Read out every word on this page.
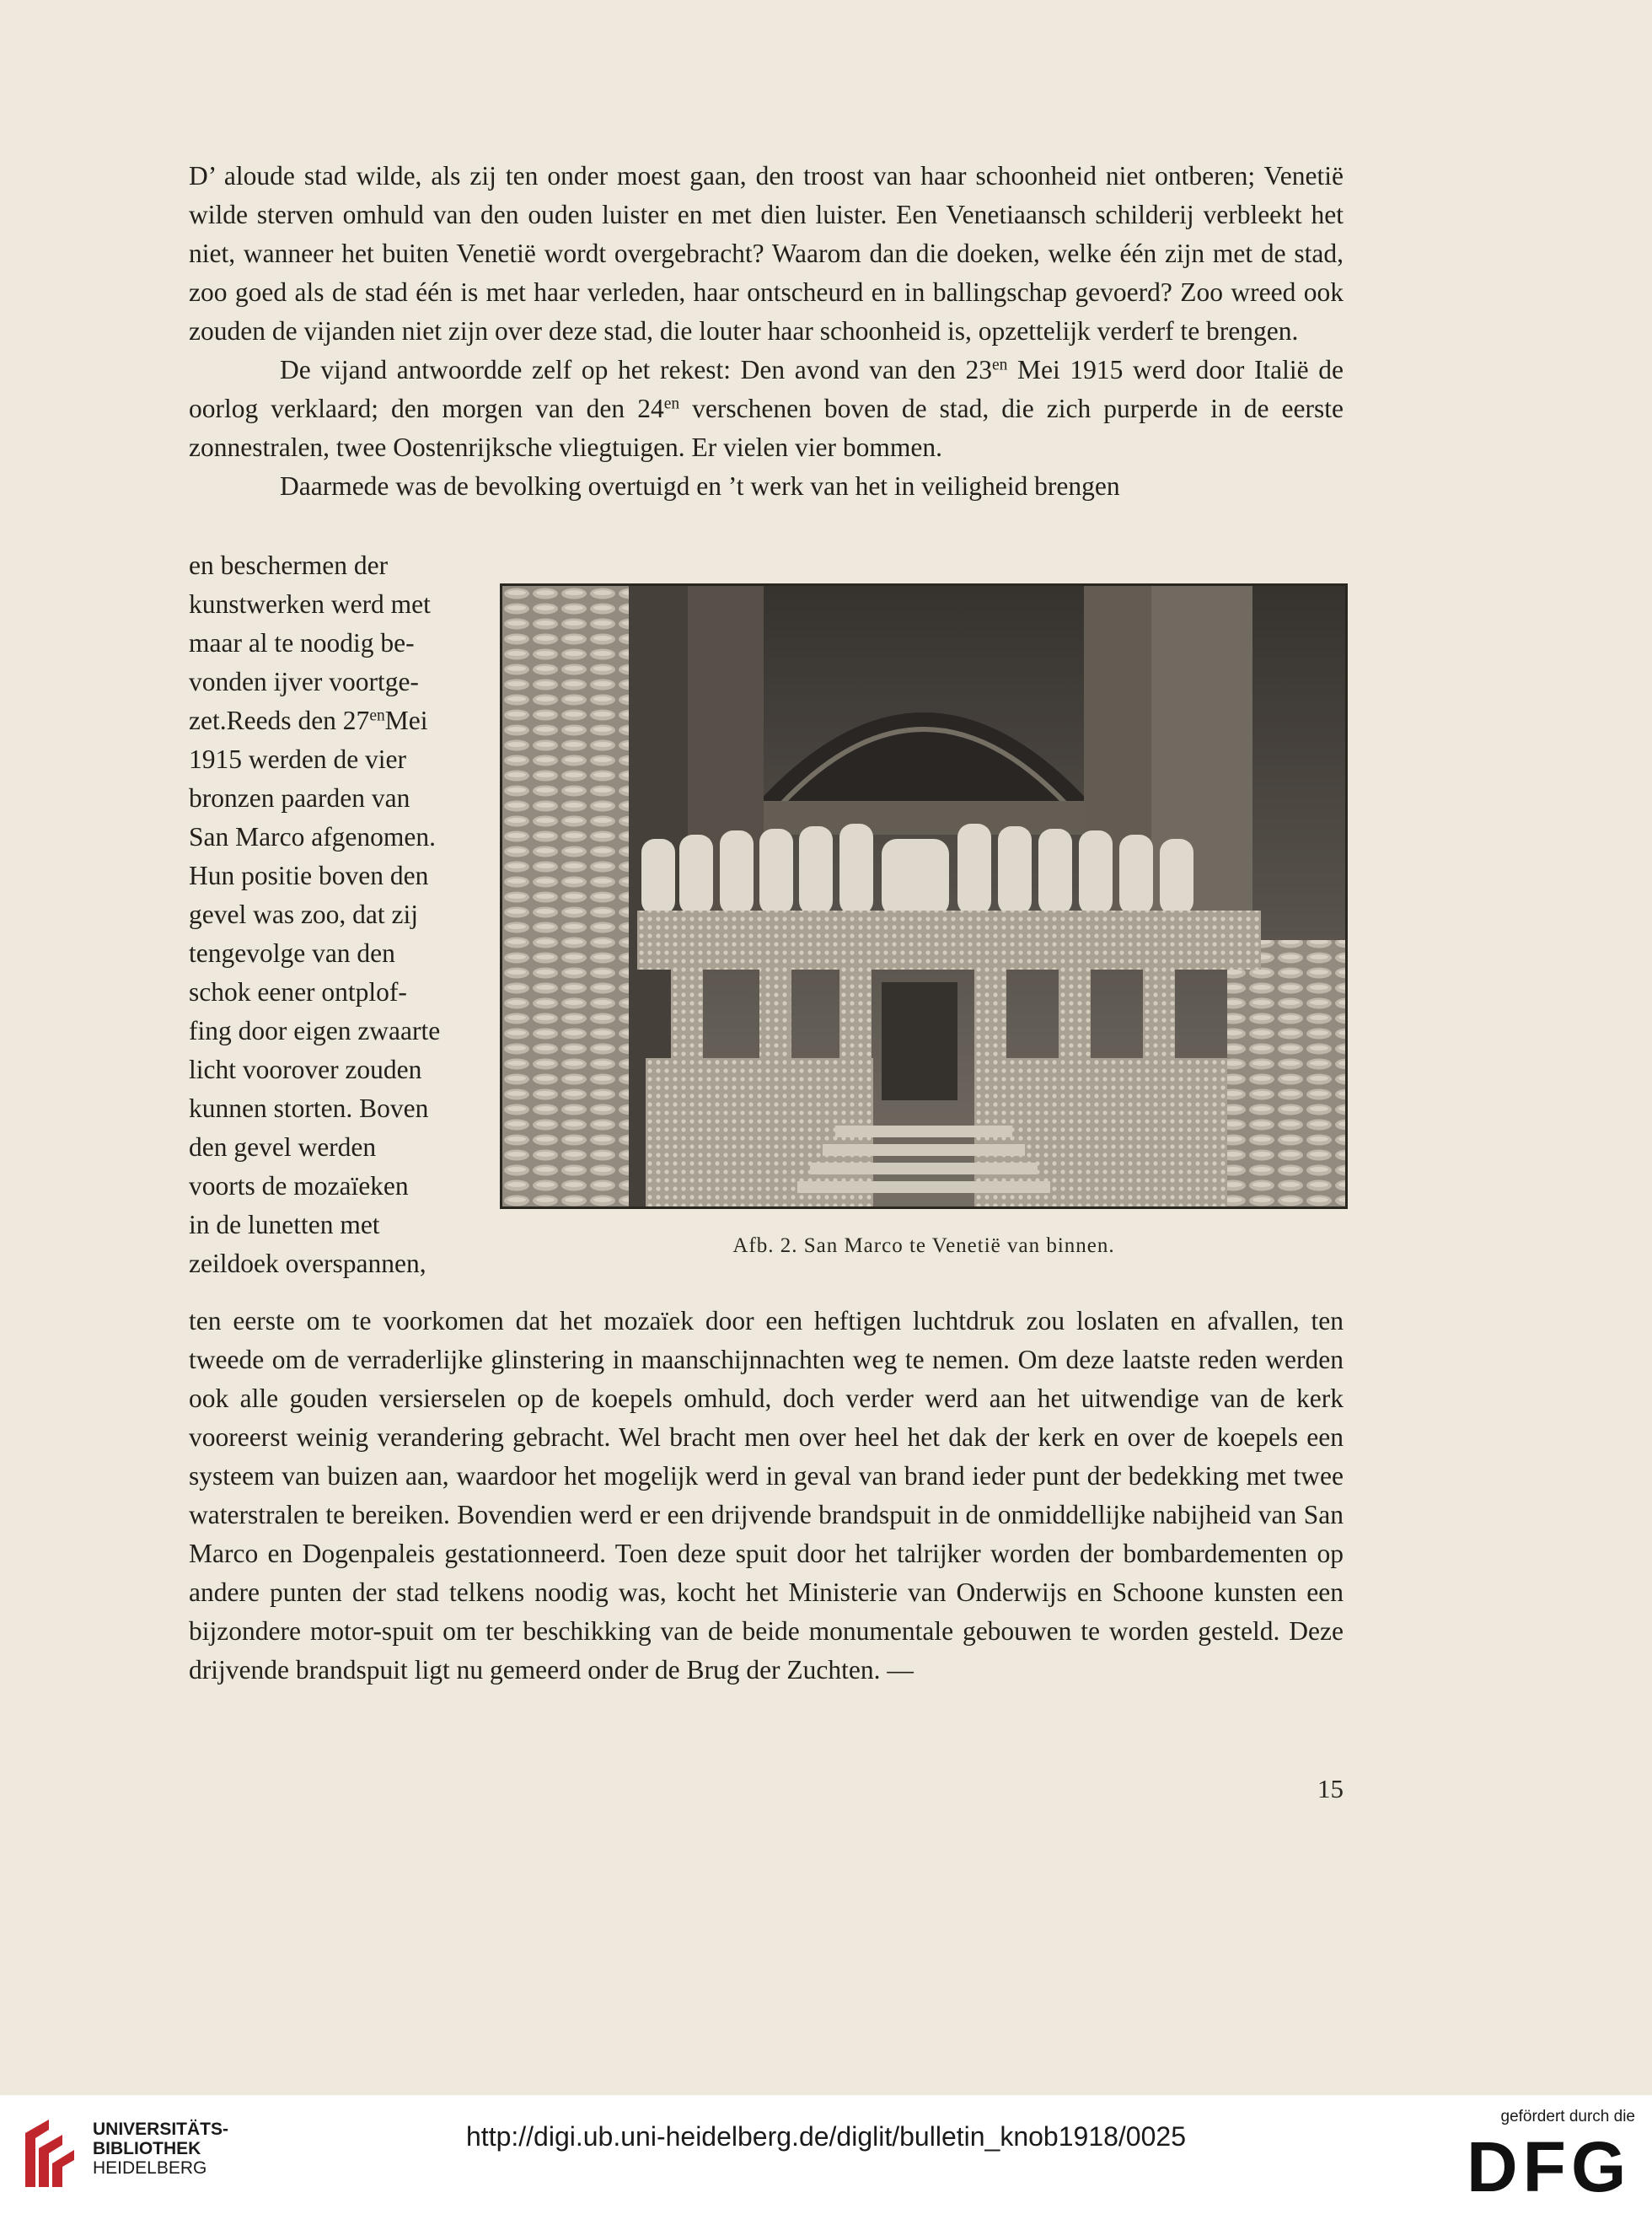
D’ aloude stad wilde, als zij ten onder moest gaan, den troost van haar schoonheid niet ontberen; Venetië wilde sterven omhuld van den ouden luister en met dien luister. Een Venetiaansch schilderij verbleekt het niet, wanneer het buiten Venetië wordt overgebracht? Waarom dan die doeken, welke één zijn met de stad, zoo goed als de stad één is met haar verleden, haar ontscheurd en in ballingschap gevoerd? Zoo wreed ook zouden de vijanden niet zijn over deze stad, die louter haar schoonheid is, opzettelijk verderf te brengen.

De vijand antwoordde zelf op het rekest: Den avond van den $23^{en}$ Mei 1915 werd door Italië de oorlog verklaard; den morgen van den $24^{en}$ verschenen boven de stad, die zich purperde in de eerste zonnestralen, twee Oostenrijksche vliegtuigen. Er vielen vier bommen.

Daarmede was de bevolking overtuigd en ’t werk van het in veiligheid brengen

en beschermen der
kunstwerken werd met
maar al te noodig be-
vonden ijver voortge-
zet.Reeds den $27^{en}Mei$
1915 werden de vier
bronzen paarden van
San Marco afgenomen.
Hun positie boven den
gevel was zoo, dat zij
tengevolge van den
schok eener ontplof-
fing door eigen zwaarte
licht voorover zouden
kunnen storten. Boven
den gevel werden
voorts de mozaïeken
in de lunetten met
zeildoek overspannen,
Afb. 2. San Marco te Venetië van binnen.

ten eerste om te voorkomen dat het mozaïek door een heftigen luchtdruk zou loslaten en afvallen, ten tweede om de verraderlijke glinstering in maanschijnnachten weg te nemen. Om deze laatste reden werden ook alle gouden versierselen op de koepels omhuld, doch verder werd aan het uitwendige van de kerk vooreerst weinig verandering gebracht. Wel bracht men over heel het dak der kerk en over de koepels een systeem van buizen aan, waardoor het mogelijk werd in geval van brand ieder punt der bedekking met twee waterstralen te bereiken. Bovendien werd er een drijvende brandspuit in de onmiddellijke nabijheid van San Marco en Dogenpaleis gestationneerd. Toen deze spuit door het talrijker worden der bombardementen op andere punten der stad telkens noodig was, kocht het Ministerie van Onderwijs en Schoone kunsten een bijzondere motor-spuit om ter beschikking van de beide monumentale gebouwen te worden gesteld. Deze drijvende brandspuit ligt nu gemeerd onder de Brug der Zuchten. —

15
UNIVERSITÄTS-
BIBLIOTHEK
HEIDELBERG
http://digi.ub.uni-heidelberg.de/diglit/bulletin_knob1918/0025
gefördert durch die
DFG
